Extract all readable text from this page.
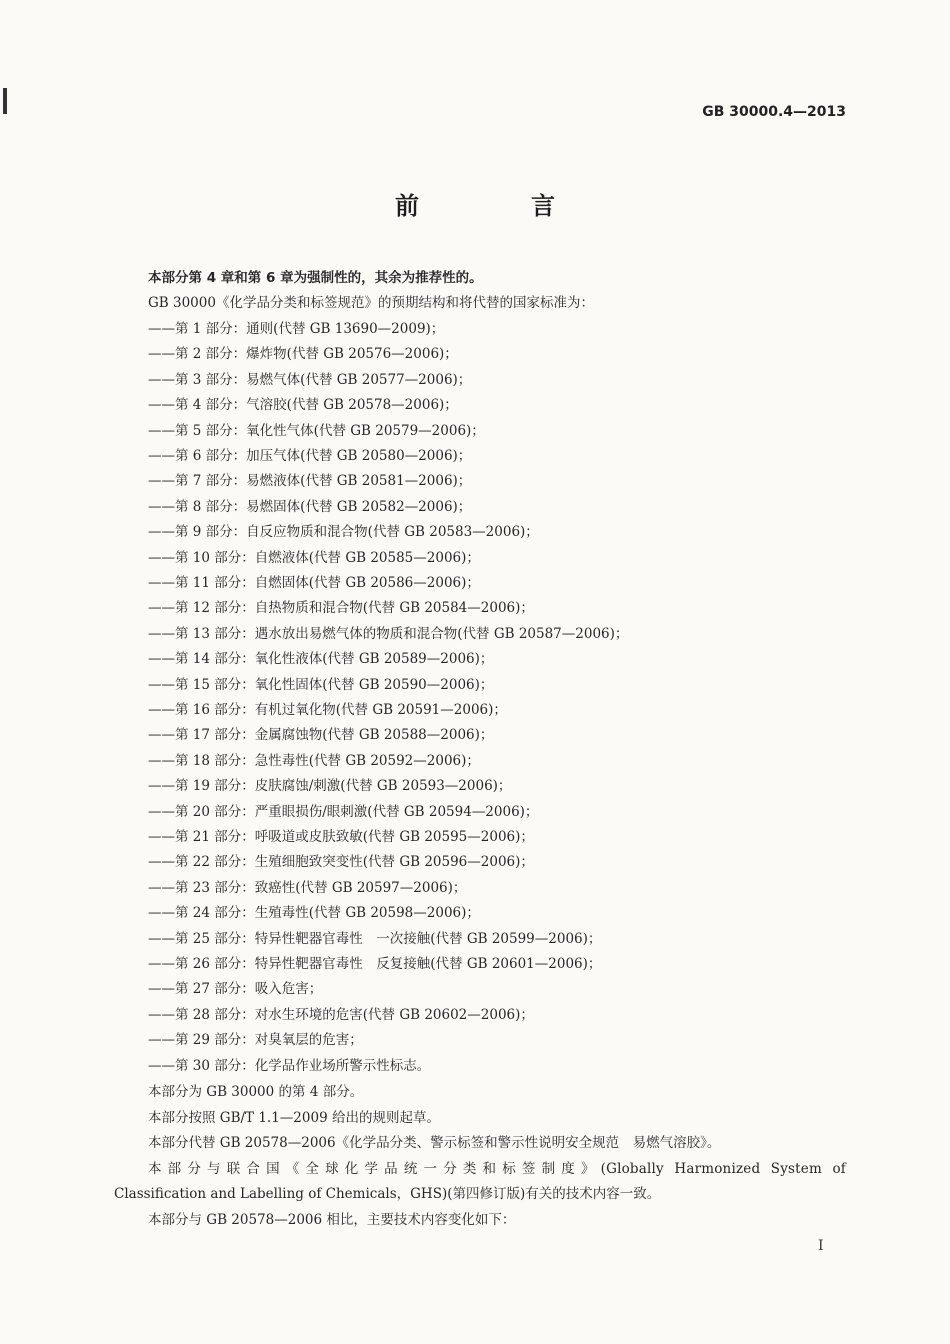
GB 30000.4—2013
前　言
本部分第 4 章和第 6 章为强制性的，其余为推荐性的。
GB 30000《化学品分类和标签规范》的预期结构和将代替的国家标准为：
——第 1 部分：通则(代替 GB 13690—2009)；
——第 2 部分：爆炸物(代替 GB 20576—2006)；
——第 3 部分：易燃气体(代替 GB 20577—2006)；
——第 4 部分：气溶胶(代替 GB 20578—2006)；
——第 5 部分：氧化性气体(代替 GB 20579—2006)；
——第 6 部分：加压气体(代替 GB 20580—2006)；
——第 7 部分：易燃液体(代替 GB 20581—2006)；
——第 8 部分：易燃固体(代替 GB 20582—2006)；
——第 9 部分：自反应物质和混合物(代替 GB 20583—2006)；
——第 10 部分：自燃液体(代替 GB 20585—2006)；
——第 11 部分：自燃固体(代替 GB 20586—2006)；
——第 12 部分：自热物质和混合物(代替 GB 20584—2006)；
——第 13 部分：遇水放出易燃气体的物质和混合物(代替 GB 20587—2006)；
——第 14 部分：氧化性液体(代替 GB 20589—2006)；
——第 15 部分：氧化性固体(代替 GB 20590—2006)；
——第 16 部分：有机过氧化物(代替 GB 20591—2006)；
——第 17 部分：金属腐蚀物(代替 GB 20588—2006)；
——第 18 部分：急性毒性(代替 GB 20592—2006)；
——第 19 部分：皮肤腐蚀/刺激(代替 GB 20593—2006)；
——第 20 部分：严重眼损伤/眼刺激(代替 GB 20594—2006)；
——第 21 部分：呼吸道或皮肤致敏(代替 GB 20595—2006)；
——第 22 部分：生殖细胞致突变性(代替 GB 20596—2006)；
——第 23 部分：致癌性(代替 GB 20597—2006)；
——第 24 部分：生殖毒性(代替 GB 20598—2006)；
——第 25 部分：特异性靶器官毒性　一次接触(代替 GB 20599—2006)；
——第 26 部分：特异性靶器官毒性　反复接触(代替 GB 20601—2006)；
——第 27 部分：吸入危害；
——第 28 部分：对水生环境的危害(代替 GB 20602—2006)；
——第 29 部分：对臭氧层的危害；
——第 30 部分：化学品作业场所警示性标志。
本部分为 GB 30000 的第 4 部分。
本部分按照 GB/T 1.1—2009 给出的规则起草。
本部分代替 GB 20578—2006《化学品分类、警示标签和警示性说明安全规范　易燃气溶胶》。
本部分与联合国《全球化学品统一分类和标签制度》(Globally Harmonized System of
Classification and Labelling of Chemicals，GHS)(第四修订版)有关的技术内容一致。
本部分与 GB 20578—2006 相比，主要技术内容变化如下：
I
